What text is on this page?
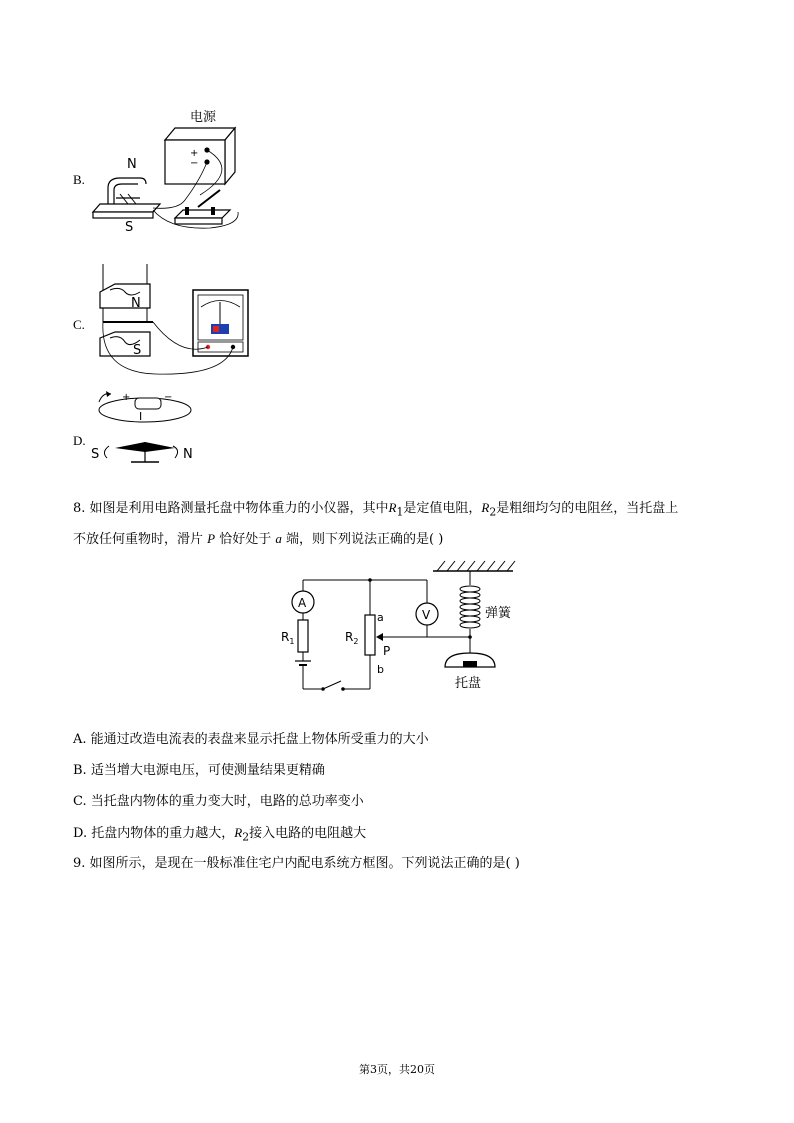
B.
电源
+
−
N
S
C.
N
S
D.
+	−
I
S	N
8. 如图是利用电路测量托盘中物体重力的小仪器，其中$R_1$是定值电阻，$R_2$是粗细均匀的电阻丝，当托盘上
不放任何重物时，滑片 P 恰好处于 a 端，则下列说法正确的是( )
弹簧
托盘
A
$R_1$	$R_2$
a
b
P
V
A. 能通过改造电流表的表盘来显示托盘上物体所受重力的大小
B. 适当增大电源电压，可使测量结果更精确
C. 当托盘内物体的重力变大时，电路的总功率变小
D. 托盘内物体的重力越大，$R_2$接入电路的电阻越大
9. 如图所示，是现在一般标准住宅户内配电系统方框图。下列说法正确的是( )
第3页，共20页
